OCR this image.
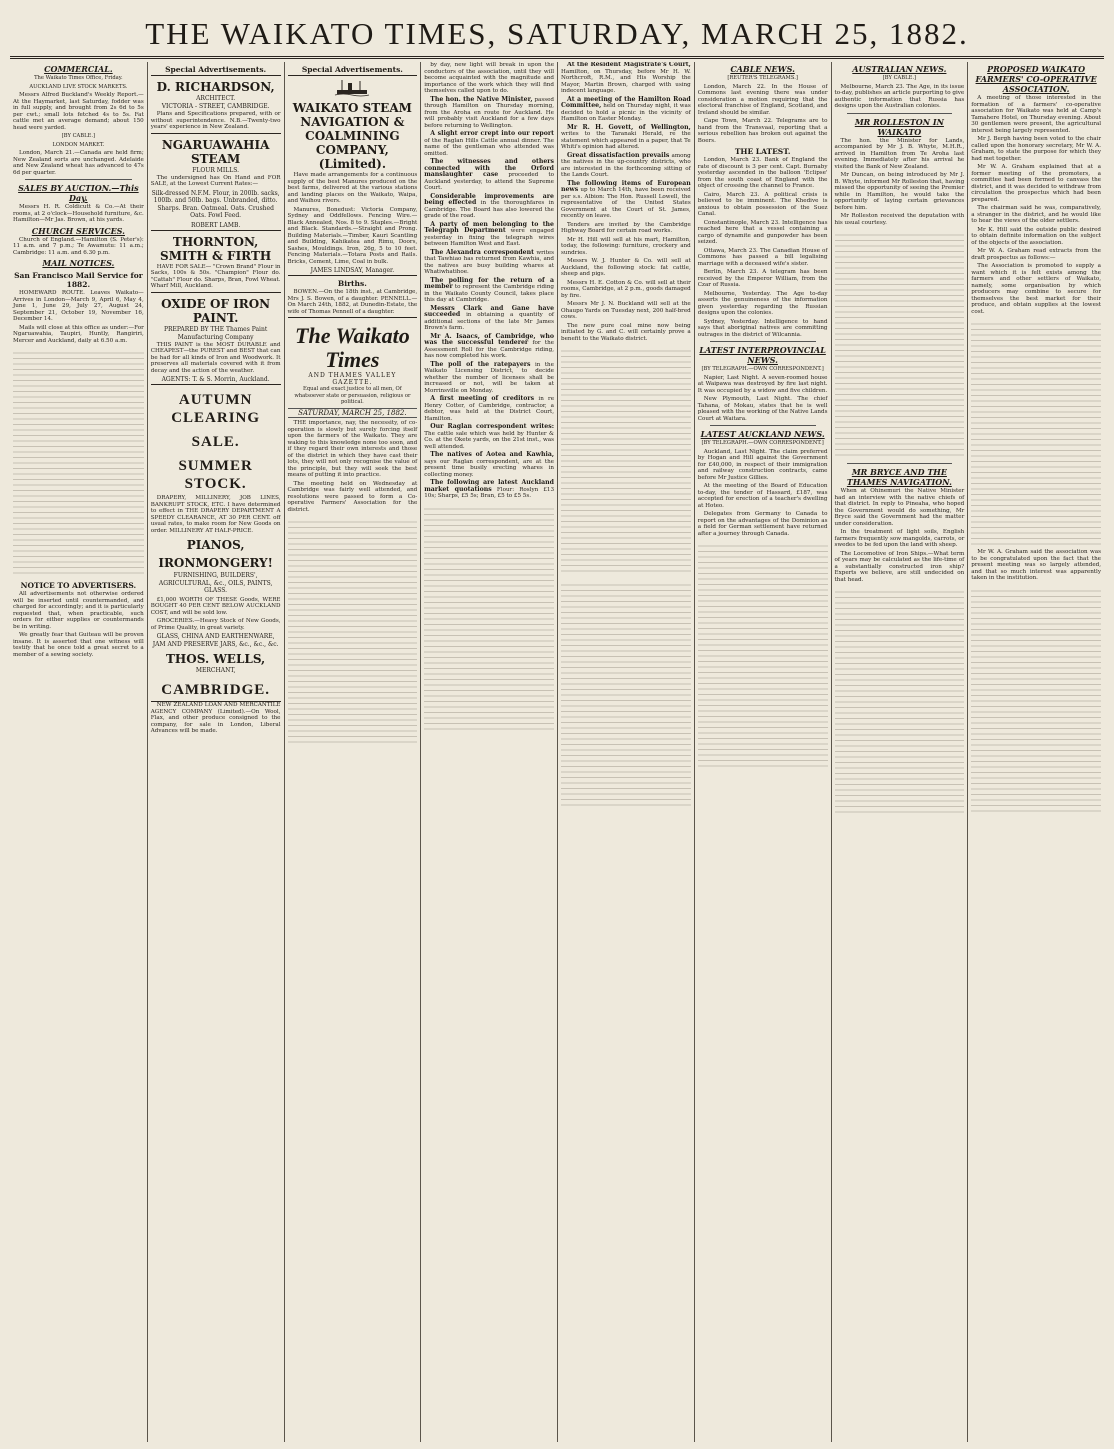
THE WAIKATO TIMES, SATURDAY, MARCH 25, 1882.
COMMERCIAL.
The Waikato Times Office, Friday.
AUCKLAND LIVE STOCK MARKETS.

Messrs Alfred Buckland's Weekly Report.—At the Haymarket, last Saturday, fodder was in full supply, and brought from 2s 6d to 5s per cwt.; small lots fetched 4s to 5s. Fat cattle met an average demand; about 150 head were yarded.

[BY CABLE.]
LONDON MARKET.

London, March 21.—Canada are held firm; New Zealand sorts are unchanged. Adelaide and New Zealand wheat has advanced to 47s 6d per quarter.

SALES BY AUCTION.—This Day.

Messrs H. R. Coldicutt & Co.—At their rooms, at 2 o'clock—Household furniture, &c. Hamilton—Mr Jas. Brown, at his yards.

CHURCH SERVICES.

Church of England.—Hamilton (S. Peter's): 11 a.m. and 7 p.m.; Te Awamutu: 11 a.m.; Cambridge: 11 a.m. and 6.30 p.m.

MAIL NOTICES.
San Francisco Mail Service for 1882.

HOMEWARD ROUTE. Leaves Waikato—Arrives in London—March 9, April 6, May 4, June 1, June 29, July 27, August 24, September 21, October 19, November 16, December 14.

Mails will close at this office as under:—For Ngaruawahia, Taupiri, Huntly, Rangiriri, Mercer and Auckland, daily at 6.50 a.m.

NOTICE TO ADVERTISERS.

All advertisements not otherwise ordered will be inserted until countermanded, and charged for accordingly; and it is particularly requested that, when practicable, such orders for either supplies or countermands be in writing.

We greatly fear that Guiteau will be proven insane. It is asserted that one witness will testify that he once told a great secret to a member of a sewing society.

Special Advertisements.
D. RICHARDSON,
ARCHITECT.
VICTORIA - STREET, CAMBRIDGE.

Plans and Specifications prepared, with or without superintendence. N.B.—Twenty-two years' experience in New Zealand.

NGARUAWAHIA STEAM
FLOUR MILLS.

The undersigned has On Hand and FOR SALE, at the Lowest Current Rates:—

Silk-dressed N.F.M. Flour, in 200lb. sacks, 100lb. and 50lb. bags. Unbranded, ditto. Sharps. Bran. Oatmeal. Oats. Crushed Oats. Fowl Feed.
ROBERT LAMB.
THORNTON, SMITH & FIRTH

HAVE FOR SALE— "Crown Brand" Flour in Sacks, 100s & 50s. "Champion" Flour do. "Cattah" Flour do. Sharps, Bran, Fowl Wheat. Wharf Mill, Auckland.

OXIDE OF IRON PAINT.
PREPARED BY THE Thames Paint Manufacturing Company

THIS PAINT is the MOST DURABLE and CHEAPEST—the PUREST and BEST that can be had for all kinds of Iron and Woodwork. It preserves all materials covered with it from decay and the action of the weather.

AGENTS: T. & S. Morrin, Auckland.
AUTUMN CLEARING
SALE.
SUMMER STOCK.

DRAPERY, MILLINERY, JOB LINES, BANKRUPT STOCK, ETC. I have determined to effect in THE DRAPERY DEPARTMENT A SPEEDY CLEARANCE, AT 30 PER CENT. off usual rates, to make room for New Goods on order. MILLINERY AT HALF-PRICE.

PIANOS,
IRONMONGERY!
FURNISHING, BUILDERS', AGRICULTURAL, &c., OILS, PAINTS, GLASS.

£1,000 WORTH OF THESE Goods, WERE BOUGHT 40 PER CENT BELOW AUCKLAND COST, and will be sold low.

GROCERIES.—Heavy Stock of New Goods, of Prime Quality, in great variety.

GLASS, CHINA AND EARTHENWARE, JAM AND PRESERVE JARS, &c., &c., &c.
THOS. WELLS,
MERCHANT,
CAMBRIDGE.

NEW ZEALAND LOAN AND MERCANTILE AGENCY COMPANY (Limited).—On Wool, Flax, and other produce consigned to the company, for sale in London, Liberal Advances will be made.

Special Advertisements.
WAIKATO STEAM NAVIGATION & COALMINING COMPANY, (Limited).

Have made arrangements for a continuous supply of the best Manures produced on the best farms, delivered at the various stations and landing places on the Waikato, Waipa, and Waihou rivers.

Manures, Bonedust: Victoria Company, Sydney and Oddfellows. Fencing Wire.—Black Annealed, Nos. 8 to 9. Staples.—Bright and Black. Standards.—Straight and Prong. Building Materials.—Timber, Kauri Scantling and Building, Kahikatea and Rimu, Doors, Sashes, Mouldings. Iron, 26g, 5 to 10 feet. Fencing Materials.—Totara Posts and Rails. Bricks, Cement, Lime, Coal in bulk.

JAMES LINDSAY, Manager.
Births.

BOWEN.—On the 18th inst., at Cambridge, Mrs J. S. Bowen, of a daughter. PENNELL.—On March 24th, 1882, at Dunedin-Estate, the wife of Thomas Pennell of a daughter.

The Waikato Times
AND THAMES VALLEY GAZETTE.
Equal and exact justice to all men, Of whatsoever state or persuasion, religious or political.
SATURDAY, MARCH 25, 1882.

THE importance, nay, the necessity, of co-operation is slowly but surely forcing itself upon the farmers of the Waikato. They are waking to this knowledge none too soon, and if they regard their own interests and those of the district in which they have cast their lots, they will not only recognise the value of the principle, but they will seek the best means of putting it into practice.

The meeting held on Wednesday at Cambridge was fairly well attended, and resolutions were passed to form a Co-operative Farmers' Association for the district.

by day, new light will break in upon the conductors of the association, until they will become acquainted with the magnitude and importance of the work which they will find themselves called upon to do.

The hon. the Native Minister, passed through Hamilton on Thursday morning, from the Aroha en route for Auckland. He will probably visit Auckland for a few days before returning to Wellington.

A slight error crept into our report of the Raglan Hills Cattle annual dinner. The name of the gentleman who attended was omitted.

The witnesses and others connected with the Orford manslaughter case proceeded to Auckland yesterday, to attend the Supreme Court.

Considerable improvements are being effected in the thoroughfares in Cambridge. The Board has also lowered the grade of the road.

A party of men belonging to the Telegraph Department were engaged yesterday in fixing the telegraph wires between Hamilton West and East.

The Alexandra correspondent writes that Tawhiao has returned from Kawhia, and the natives are busy building whares at Whatiwhatihoe.

The polling for the return of a member to represent the Cambridge riding in the Waikato County Council, takes place this day at Cambridge.

Messrs Clark and Gane have succeeded in obtaining a quantity of additional sections of the late Mr James Brown's farm.

Mr A. Isaacs, of Cambridge, who was the successful tenderer for the Assessment Roll for the Cambridge riding, has now completed his work.

The poll of the ratepayers in the Waikato Licensing District, to decide whether the number of licenses shall be increased or not, will be taken at Morrinsville on Monday.

A first meeting of creditors in re Henry Cotter, of Cambridge, contractor, a debtor, was held at the District Court, Hamilton.

Our Raglan correspondent writes: The cattle sale which was held by Hunter & Co. at the Okete yards, on the 21st inst., was well attended.

The natives of Aotea and Kawhia, says our Raglan correspondent, are at the present time busily erecting whares in collecting money.

The following are latest Auckland market quotations Flour: Roslyn £13 10s; Sharps, £5 5s; Bran, £5 to £5 5s.

At the Resident Magistrate's Court, Hamilton, on Thursday, before Mr H. W. Northcroft, R.M., and His Worship the Mayor, Martin Brown, charged with using indecent language.

At a meeting of the Hamilton Road Committee, held on Thursday night, it was decided to hold a picnic in the vicinity of Hamilton on Easter Monday.

Mr R. H. Govett, of Wellington, writes to the Taranaki Herald, re the statement which appeared in a paper, that Te Whiti's opinion had altered.

Great dissatisfaction prevails among the natives in the up-country districts, who are interested in the forthcoming sitting of the Lands Court.

The following items of European news up to March 14th, have been received per s.s. Albion: The Hon. Russell Lowell, the representative of the United States Government at the Court of St. James, recently on leave.

Tenders are invited by the Cambridge Highway Board for certain road works.

Mr H. Hill will sell at his mart, Hamilton, today, the following: furniture, crockery and sundries.

Messrs W. J. Hunter & Co. will sell at Auckland, the following stock: fat cattle, sheep and pigs.

Messrs H. E. Cotton & Co. will sell at their rooms, Cambridge, at 2 p.m., goods damaged by fire.

Messrs Mr J. N. Buckland will sell at the Ohaupo Yards on Tuesday next, 200 half-bred cows.

The new pure coal mine now being initiated by G. and C. will certainly prove a benefit to the Waikato district.

CABLE NEWS.
[REUTER'S TELEGRAMS.]

London, March 22. In the House of Commons last evening there was under consideration a motion requiring that the electoral franchise of England, Scotland, and Ireland should be similar.

Cape Town, March 22. Telegrams are to hand from the Transvaal, reporting that a serious rebellion has broken out against the Boers.

THE LATEST.

London, March 23. Bank of England the rate of discount is 3 per cent. Capt. Burnaby yesterday ascended in the balloon 'Eclipse' from the south coast of England with the object of crossing the channel to France.

Cairo, March 23. A political crisis is believed to be imminent. The Khedive is anxious to obtain possession of the Suez Canal.

Constantinople, March 23. Intelligence has reached here that a vessel containing a cargo of dynamite and gunpowder has been seized.

Ottawa, March 23. The Canadian House of Commons has passed a bill legalising marriage with a deceased wife's sister.

Berlin, March 23. A telegram has been received by the Emperor William, from the Czar of Russia.

Melbourne, Yesterday. The Age to-day asserts the genuineness of the information given yesterday regarding the Russian designs upon the colonies.

Sydney, Yesterday. Intelligence to hand says that aboriginal natives are committing outrages in the district of Wilcannia.

LATEST INTERPROVINCIAL NEWS.
[BY TELEGRAPH.—OWN CORRESPONDENT.]

Napier, Last Night. A seven-roomed house at Waipawa was destroyed by fire last night. It was occupied by a widow and five children.

New Plymouth, Last Night. The chief Tahana, of Mokau, states that he is well pleased with the working of the Native Lands Court at Waitara.

LATEST AUCKLAND NEWS.
[BY TELEGRAPH.—OWN CORRESPONDENT.]

Auckland, Last Night. The claim preferred by Hogan and Hill against the Government for £40,000, in respect of their immigration and railway construction contracts, came before Mr Justice Gillies.

At the meeting of the Board of Education to-day, the tender of Hassard, £187, was accepted for erection of a teacher's dwelling at Hoteo.

Delegates from Germany to Canada to report on the advantages of the Dominion as a field for German settlement have returned after a journey through Canada.

AUSTRALIAN NEWS.
[BY CABLE.]

Melbourne, March 23. The Age, in its issue to-day, publishes an article purporting to give authentic information that Russia has designs upon the Australian colonies.

MR ROLLESTON IN WAIKATO

The hon. the Minister for Lands, accompanied by Mr J. B. Whyte, M.H.R., arrived in Hamilton from Te Aroha last evening. Immediately after his arrival he visited the Bank of New Zealand.

Mr Duncan, on being introduced by Mr J. B. Whyte, informed Mr Rolleston that, having missed the opportunity of seeing the Premier while in Hamilton, he would take the opportunity of laying certain grievances before him.

Mr Rolleston received the deputation with his usual courtesy.

MR BRYCE AND THE THAMES NAVIGATION.

When at Ohinemuri the Native Minister had an interview with the native chiefs of that district. In reply to Pineaha, who hoped the Government would do something, Mr Bryce said the Government had the matter under consideration.

In the treatment of light soils, English farmers frequently sow mangolds, carrots, or swedes to be fed upon the land with sheep.

The Locomotive of Iron Ships.—What term of years may be calculated as the life-time of a substantially constructed iron ship? Experts we believe, are still undecided on that head.

PROPOSED WAIKATO FARMERS' CO-OPERATIVE ASSOCIATION.

A meeting of those interested in the formation of a farmers' co-operative association for Waikato was held at Camp's Tamahere Hotel, on Thursday evening. About 30 gentlemen were present, the agricultural interest being largely represented.

Mr J. Bergh having been voted to the chair called upon the honorary secretary, Mr W. A. Graham, to state the purpose for which they had met together.

Mr W. A. Graham explained that at a former meeting of the promoters, a committee had been formed to canvass the district, and it was decided to withdraw from circulation the prospectus which had been prepared.

The chairman said he was, comparatively, a stranger in the district, and he would like to hear the views of the older settlers.

Mr K. Hill said the outside public desired to obtain definite information on the subject of the objects of the association.

Mr W. A. Graham read extracts from the draft prospectus as follows:—

The Association is promoted to supply a want which it is felt exists among the farmers and other settlers of Waikato, namely, some organisation by which producers may combine to secure for themselves the best market for their produce, and obtain supplies at the lowest cost.

Mr W. A. Graham said the association was to be congratulated upon the fact that the present meeting was so largely attended, and that so much interest was apparently taken in the institution.
